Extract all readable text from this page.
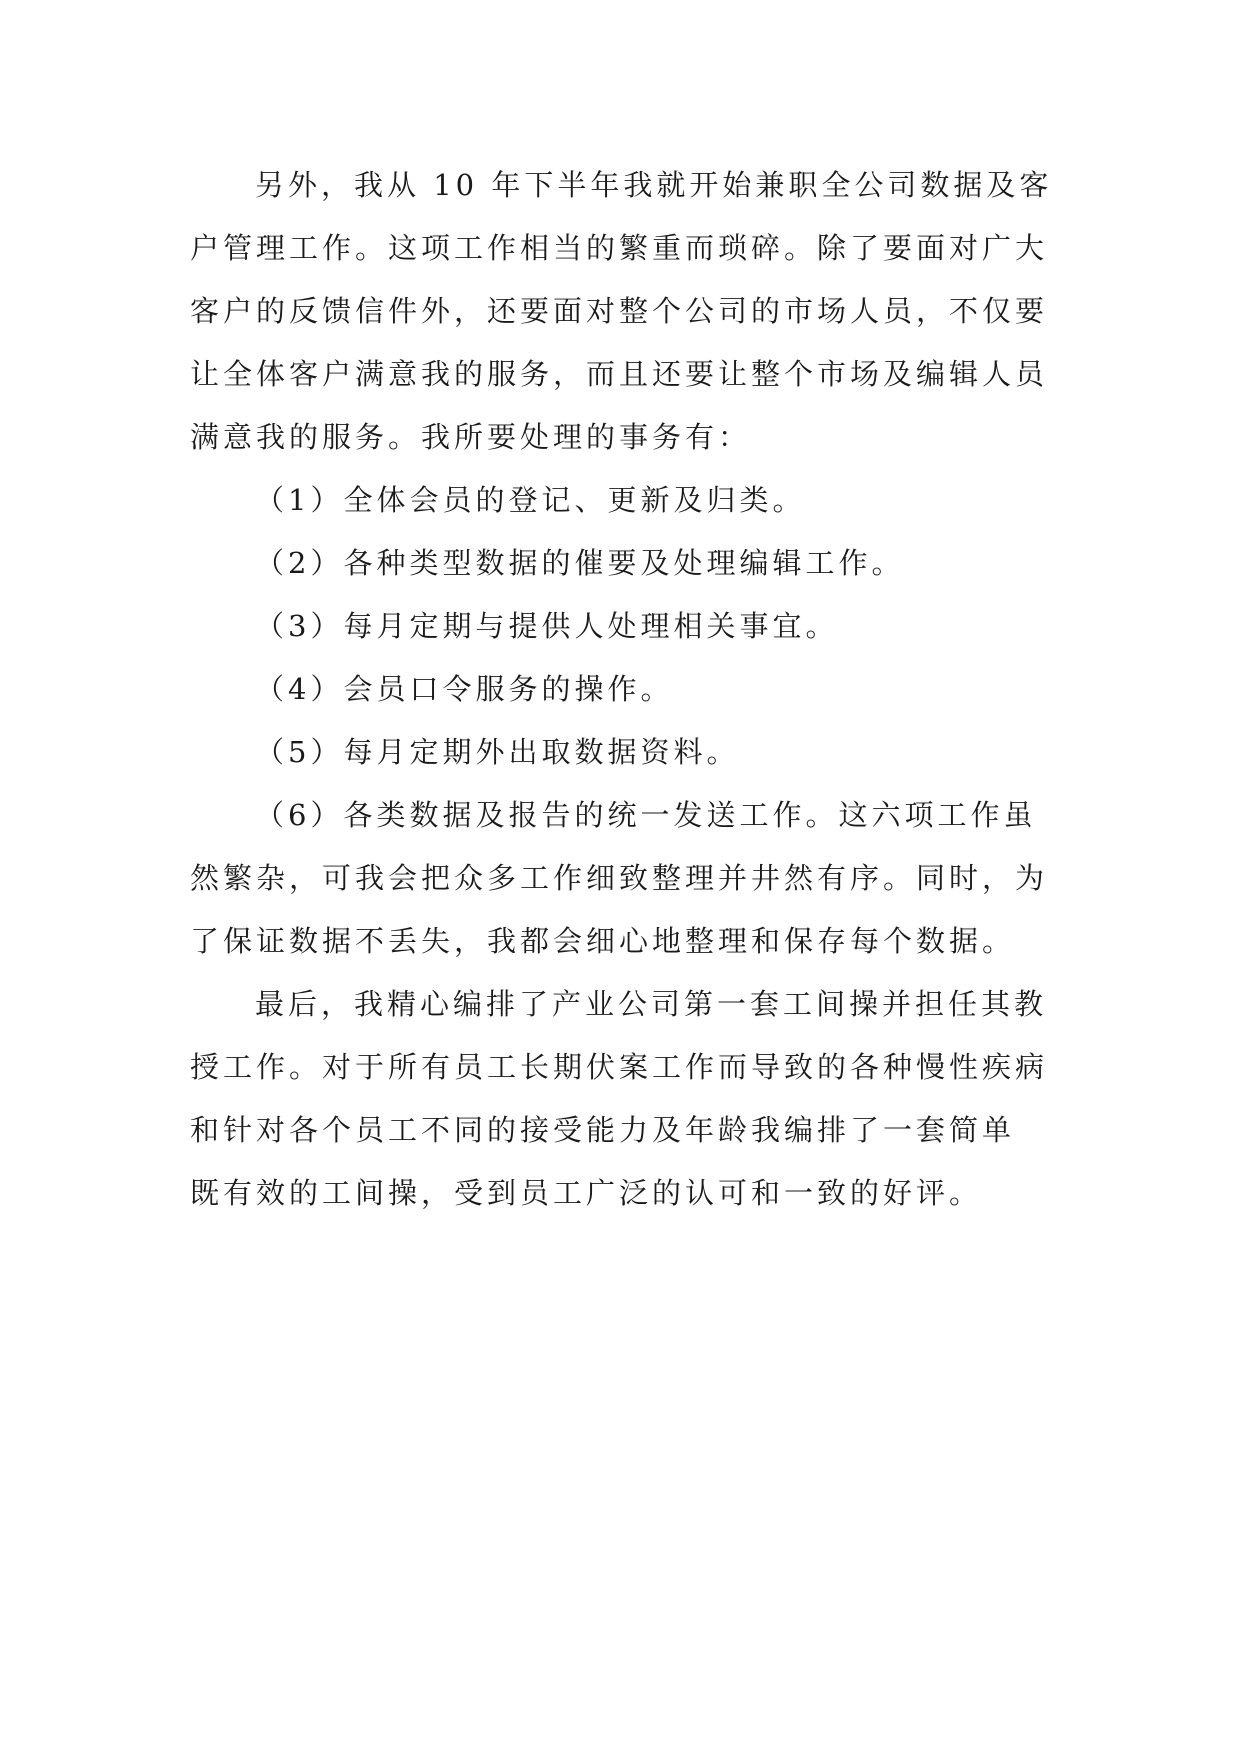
另外，我从 10 年下半年我就开始兼职全公司数据及客
户管理工作。这项工作相当的繁重而琐碎。除了要面对广大
客户的反馈信件外，还要面对整个公司的市场人员，不仅要
让全体客户满意我的服务，而且还要让整个市场及编辑人员
满意我的服务。我所要处理的事务有：
（1）全体会员的登记、更新及归类。
（2）各种类型数据的催要及处理编辑工作。
（3）每月定期与提供人处理相关事宜。
（4）会员口令服务的操作。
（5）每月定期外出取数据资料。
（6）各类数据及报告的统一发送工作。这六项工作虽
然繁杂，可我会把众多工作细致整理并井然有序。同时，为
了保证数据不丢失，我都会细心地整理和保存每个数据。
最后，我精心编排了产业公司第一套工间操并担任其教
授工作。对于所有员工长期伏案工作而导致的各种慢性疾病
和针对各个员工不同的接受能力及年龄我编排了一套简单
既有效的工间操，受到员工广泛的认可和一致的好评。
